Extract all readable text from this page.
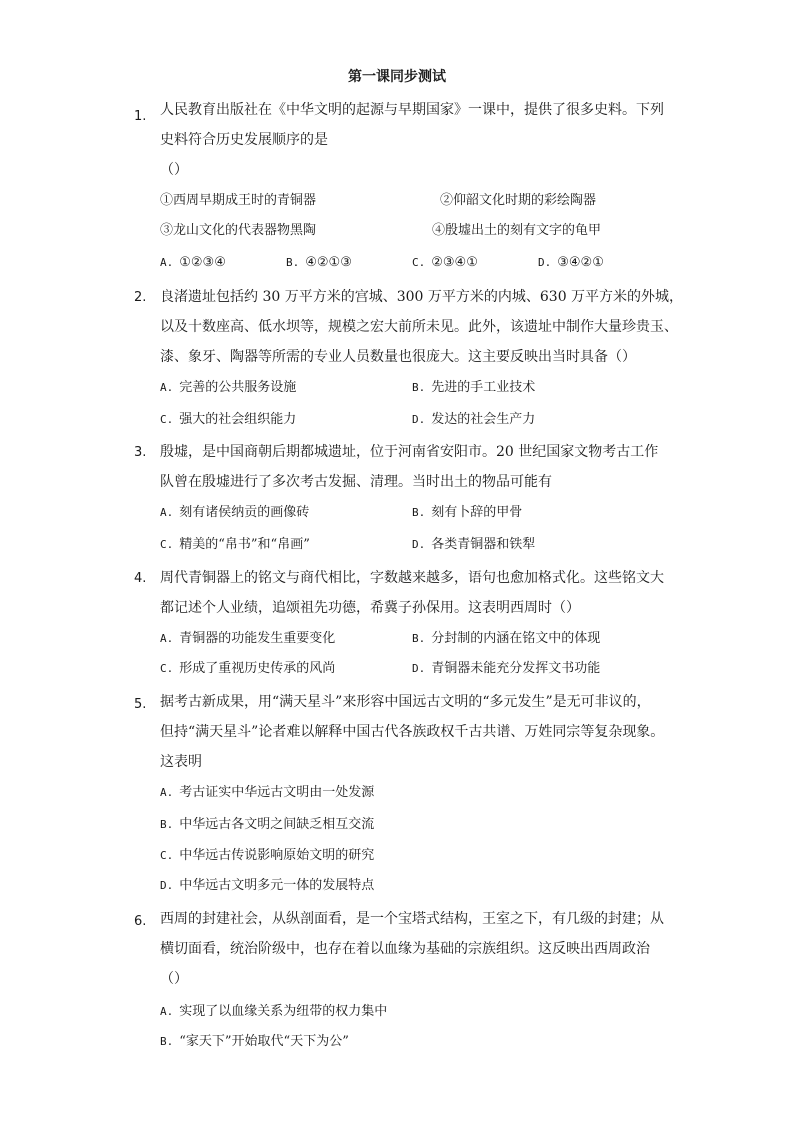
第一课同步测试
1. 人民教育出版社在《中华文明的起源与早期国家》一课中，提供了很多史料。下列
史料符合历史发展顺序的是
（）
①西周早期成王时的青铜器	②仰韶文化时期的彩绘陶器
③龙山文化的代表器物黑陶	④殷墟出土的刻有文字的龟甲
A. ①②③④	B. ④②①③	C. ②③④①	D. ③④②①
2. 良渚遗址包括约 30 万平方米的宫城、300 万平方米的内城、630 万平方米的外城，
以及十数座高、低水坝等，规模之宏大前所未见。此外，该遗址中制作大量珍贵玉、
漆、象牙、陶器等所需的专业人员数量也很庞大。这主要反映出当时具备（）
A. 完善的公共服务设施	B. 先进的手工业技术
C. 强大的社会组织能力	D. 发达的社会生产力
3. 殷墟，是中国商朝后期都城遗址，位于河南省安阳市。20 世纪国家文物考古工作
队曾在殷墟进行了多次考古发掘、清理。当时出土的物品可能有
A. 刻有诸侯纳贡的画像砖	B. 刻有卜辞的甲骨
C. 精美的“帛书”和“帛画”	D. 各类青铜器和铁犁
4. 周代青铜器上的铭文与商代相比，字数越来越多，语句也愈加格式化。这些铭文大
都记述个人业绩，追颂祖先功德，希冀子孙保用。这表明西周时（）
A. 青铜器的功能发生重要变化	B. 分封制的内涵在铭文中的体现
C. 形成了重视历史传承的风尚	D. 青铜器未能充分发挥文书功能
5. 据考古新成果，用“满天星斗”来形容中国远古文明的“多元发生”是无可非议的，
但持“满天星斗”论者难以解释中国古代各族政权千古共谱、万姓同宗等复杂现象。
这表明
A. 考古证实中华远古文明由一处发源
B. 中华远古各文明之间缺乏相互交流
C. 中华远古传说影响原始文明的研究
D. 中华远古文明多元一体的发展特点
6. 西周的封建社会，从纵剖面看，是一个宝塔式结构，王室之下，有几级的封建；从
横切面看，统治阶级中，也存在着以血缘为基础的宗族组织。这反映出西周政治
（）
A. 实现了以血缘关系为纽带的权力集中
B. “家天下”开始取代“天下为公”
